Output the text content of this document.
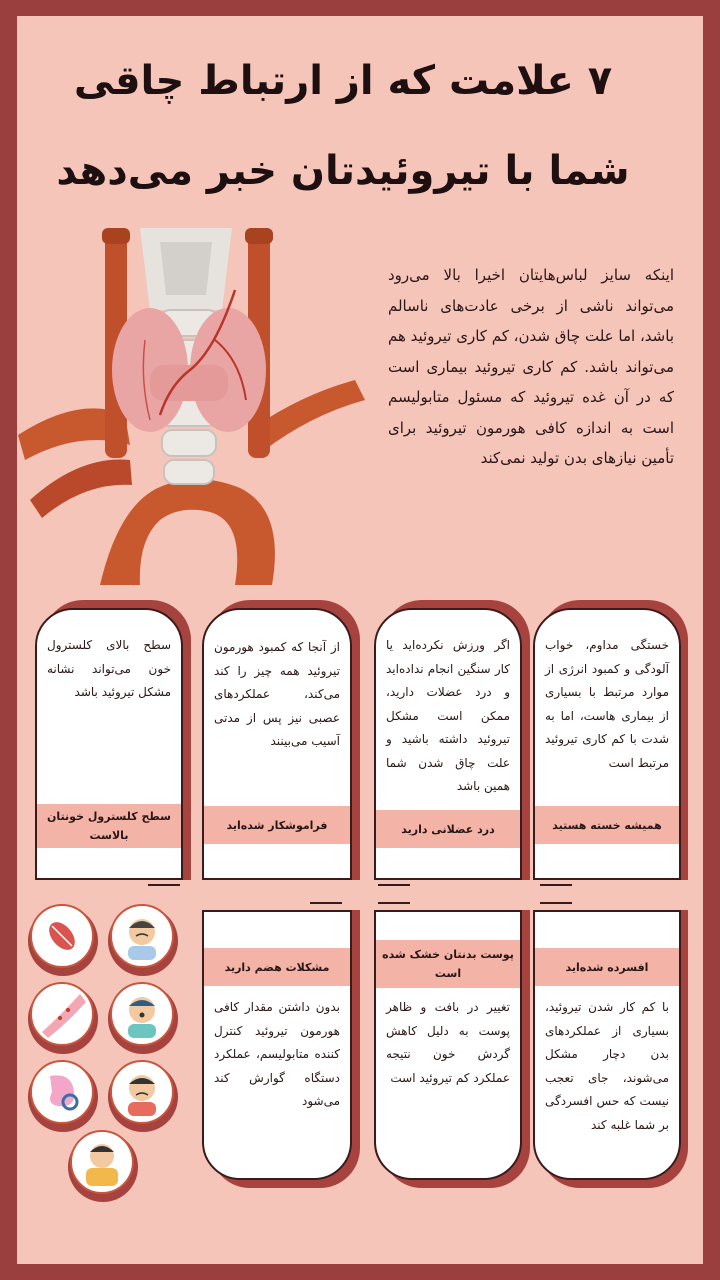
۷ علامت که از ارتباط چاقی
شما با تیروئیدتان خبر می‌دهد
اینکه سایز لباس‌هایتان اخیرا بالا می‌رود می‌تواند ناشی از برخی عادت‌های ناسالم باشد، اما علت چاق شدن، کم کاری تیروئید هم می‌تواند باشد. کم کاری تیروئید بیماری است که در آن غده تیروئید که مسئول متابولیسم است به اندازه کافی هورمون تیروئید برای تأمین نیازهای بدن تولید نمی‌کند
خستگی مداوم، خواب آلودگی و کمبود انرژی از موارد مرتبط با بسیاری از بیماری هاست، اما به شدت با کم کاری تیروئید مرتبط است
همیشه خسته هستید
اگر ورزش نکرده‌اید یا کار سنگین انجام نداده‌اید و درد عضلات دارید، ممکن است مشکل تیروئید داشته باشید و علت چاق شدن شما همین باشد
درد عضلانی دارید
از آنجا که کمبود هورمون تیروئید همه چیز را کند می‌کند، عملکردهای عصبی نیز پس از مدتی آسیب می‌بینند
فراموشکار شده‌اید
سطح بالای کلسترول خون می‌تواند نشانه مشکل تیروئید باشد
سطح کلسترول خونتان بالاست
افسرده شده‌اید
با کم کار شدن تیروئید، بسیاری از عملکردهای بدن دچار مشکل می‌شوند، جای تعجب نیست که حس افسردگی بر شما غلبه کند
پوست بدنتان خشک شده است
تغییر در بافت و ظاهر پوست به دلیل کاهش گردش خون نتیجه عملکرد کم تیروئید است
مشکلات هضم دارید
بدون داشتن مقدار کافی هورمون تیروئید کنترل کننده متابولیسم، عملکرد دستگاه گوارش کند می‌شود
